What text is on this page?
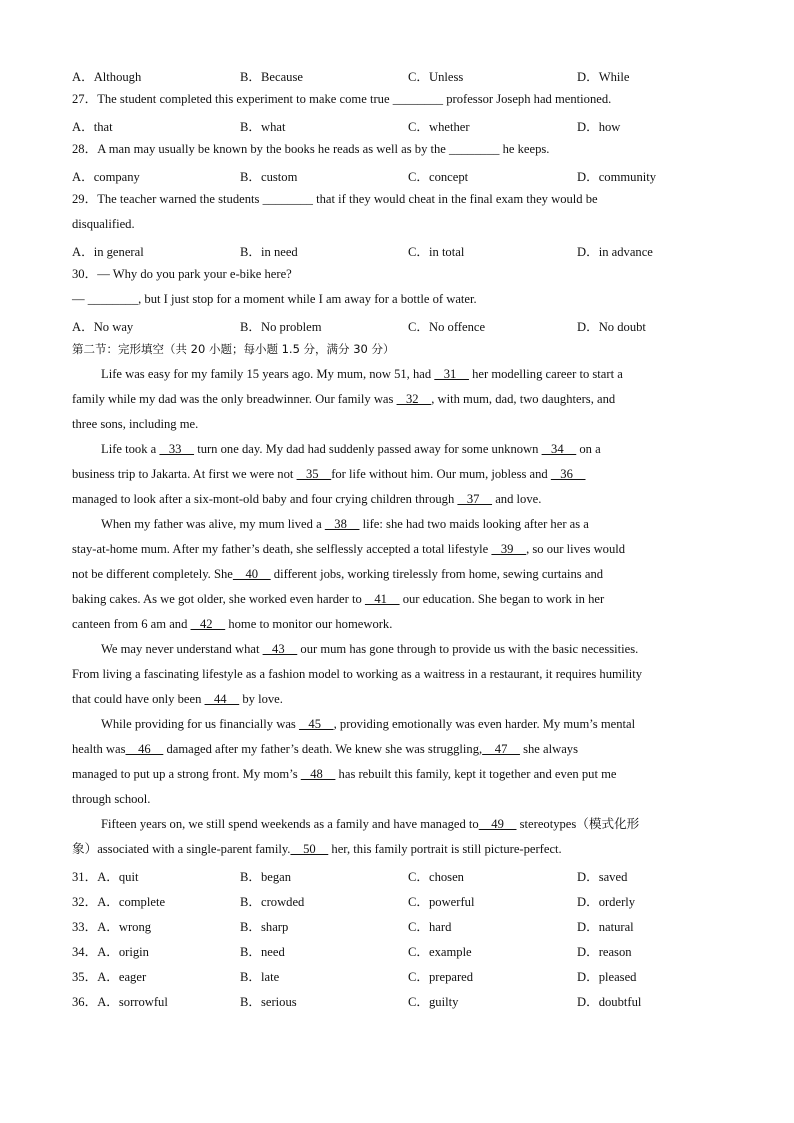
A．Although	B．Because	C．Unless	D．While
27．The student completed this experiment to make come true ________ professor Joseph had mentioned.
A．that	B．what	C．whether	D．how
28．A man may usually be known by the books he reads as well as by the ________ he keeps.
A．company	B．custom	C．concept	D．community
29．The teacher warned the students ________ that if they would cheat in the final exam they would be
disqualified.
A．in general	B．in need	C．in total	D．in advance
30．— Why do you park your e-bike here?
— ________, but I just stop for a moment while I am away for a bottle of water.
A．No way	B．No problem	C．No offence	D．No doubt
第二节：完形填空（共 20 小题；每小题 1.5 分，满分 30 分）
Life was easy for my family 15 years ago. My mum, now 51, had    31     her modelling career to start a
family while my dad was the only breadwinner. Our family was    32    , with mum, dad, two daughters, and
three sons, including me.
Life took a    33     turn one day. My dad had suddenly passed away for some unknown    34     on a
business trip to Jakarta. At first we were not    35    for life without him. Our mum, jobless and    36
managed to look after a six-mont-old baby and four crying children through    37     and love.
When my father was alive, my mum lived a    38     life: she had two maids looking after her as a
stay-at-home mum. After my father’s death, she selflessly accepted a total lifestyle    39    , so our lives would
not be different completely. She    40     different jobs, working tirelessly from home, sewing curtains and
baking cakes. As we got older, she worked even harder to    41     our education. She began to work in her
canteen from 6 am and    42     home to monitor our homework.
We may never understand what    43     our mum has gone through to provide us with the basic necessities.
From living a fascinating lifestyle as a fashion model to working as a waitress in a restaurant, it requires humility
that could have only been    44     by love.
While providing for us financially was    45    , providing emotionally was even harder. My mum’s mental
health was    46     damaged after my father’s death. We knew she was struggling,    47     she always
managed to put up a strong front. My mom’s    48     has rebuilt this family, kept it together and even put me
through school.
Fifteen years on, we still spend weekends as a family and have managed to    49     stereotypes（模式化形
象）associated with a single-parent family.    50     her, this family portrait is still picture-perfect.
31．A．quit	B．began	C．chosen	D．saved
32．A．complete	B．crowded	C．powerful	D．orderly
33．A．wrong	B．sharp	C．hard	D．natural
34．A．origin	B．need	C．example	D．reason
35．A．eager	B．late	C．prepared	D．pleased
36．A．sorrowful	B．serious	C．guilty	D．doubtful
